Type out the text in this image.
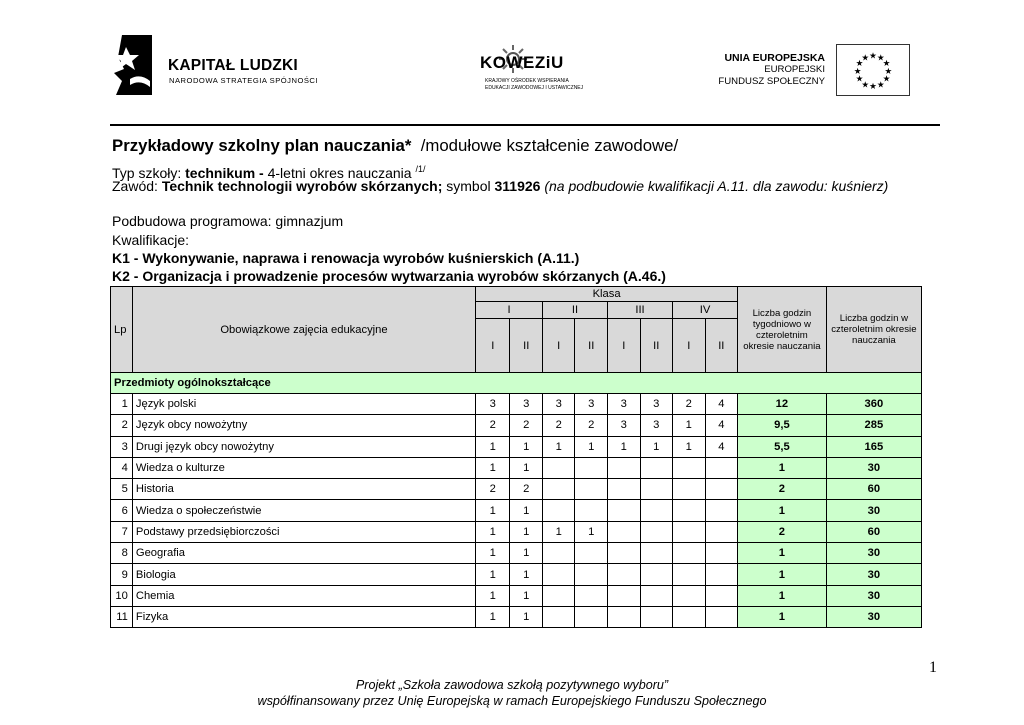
KAPITAŁ LUDZKI
NARODOWA STRATEGIA SPÓJNOŚCI
KOWEZiU
KRAJOWY OŚRODEK WSPIERANIA
EDUKACJI ZAWODOWEJ I USTAWICZNEJ
UNIA EUROPEJSKA
EUROPEJSKI
FUNDUSZ SPOŁECZNY
★ ★
★
★
★
★
★
★
★
★
★
★
Przykładowy szkolny plan nauczania* /modułowe kształcenie zawodowe/
Typ szkoły: technikum - 4-letni okres nauczania $^{/1/}$
Zawód: Technik technologii wyrobów skórzanych; symbol 311926 (na podbudowie kwalifikacji A.11. dla zawodu: kuśnierz)
Podbudowa programowa: gimnazjum
Kwalifikacje:
K1 - Wykonywanie, naprawa i renowacja wyrobów kuśnierskich (A.11.)
K2 - Organizacja i prowadzenie procesów wytwarzania wyrobów skórzanych (A.46.)
Lp	Obowiązkowe zajęcia edukacyjne	Klasa								Liczba godzin tygodniowo w czteroletnim okresie nauczania	Liczba godzin w czteroletnim okresie nauczania
		I		II		III		IV			
		I	II	I	II	I	II	I	II		
Przedmioty ogólnokształcące											
1	Język polski	3	3	3	3	3	3	2	4	12	360
2	Język obcy nowożytny	2	2	2	2	3	3	1	4	9,5	285
3	Drugi język obcy nowożytny	1	1	1	1	1	1	1	4	5,5	165
4	Wiedza o kulturze	1	1							1	30
5	Historia	2	2							2	60
6	Wiedza o społeczeństwie	1	1							1	30
7	Podstawy przedsiębiorczości	1	1	1	1					2	60
8	Geografia	1	1							1	30
9	Biologia	1	1							1	30
10	Chemia	1	1							1	30
11	Fizyka	1	1							1	30
1
Projekt „Szkoła zawodowa szkołą pozytywnego wyboru”
współfinansowany przez Unię Europejską w ramach Europejskiego Funduszu Społecznego
